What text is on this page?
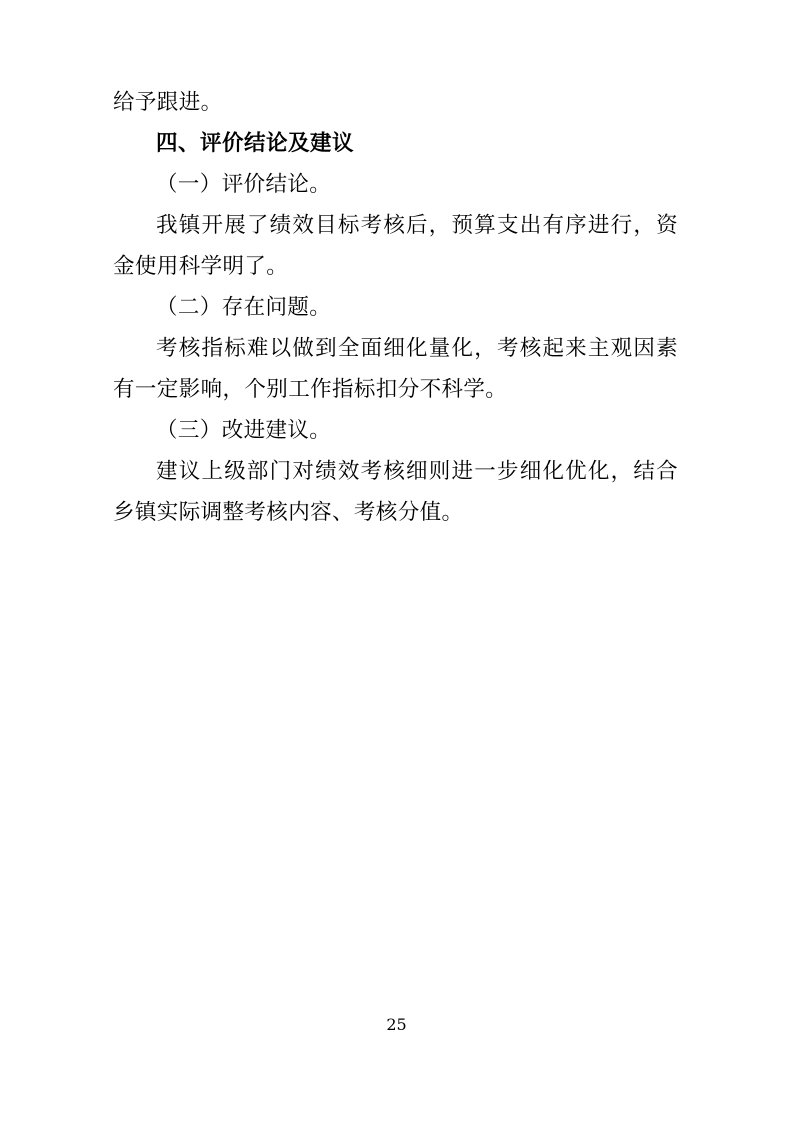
给予跟进。

四、评价结论及建议

（一）评价结论。

我镇开展了绩效目标考核后，预算支出有序进行，资金使用科学明了。

（二）存在问题。

考核指标难以做到全面细化量化，考核起来主观因素有一定影响，个别工作指标扣分不科学。

（三）改进建议。

建议上级部门对绩效考核细则进一步细化优化，结合乡镇实际调整考核内容、考核分值。

25
